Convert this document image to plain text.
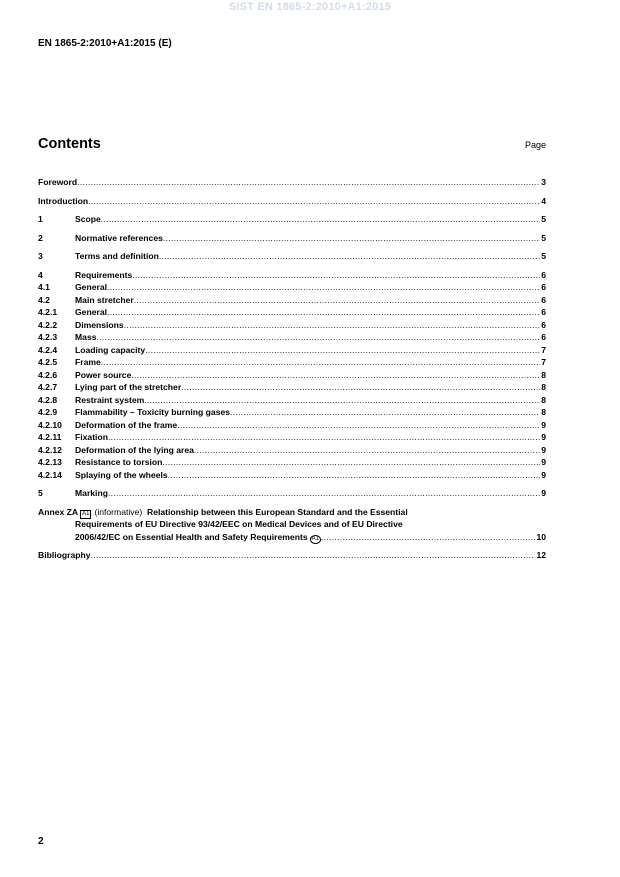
SIST EN 1865-2:2010+A1:2015
EN 1865-2:2010+A1:2015 (E)
Contents	Page
Foreword .....	3
Introduction .....	4
1	Scope .....	5
2	Normative references .....	5
3	Terms and definition .....	5
4	Requirements .....	6
4.1	General .....	6
4.2	Main stretcher .....	6
4.2.1	General .....	6
4.2.2	Dimensions .....	6
4.2.3	Mass .....	6
4.2.4	Loading capacity .....	7
4.2.5	Frame .....	7
4.2.6	Power source .....	8
4.2.7	Lying part of the stretcher .....	8
4.2.8	Restraint system .....	8
4.2.9	Flammability – Toxicity burning gases .....	8
4.2.10	Deformation of the frame .....	9
4.2.11	Fixation .....	9
4.2.12	Deformation of the lying area .....	9
4.2.13	Resistance to torsion .....	9
4.2.14	Splaying of the wheels .....	9
5	Marking .....	9
Annex ZA A1 (informative)
Relationship between this European Standard and the Essential
Requirements of EU Directive 93/42/EEC on Medical Devices and of EU Directive
2006/42/EC on Essential Health and Safety Requirements A1 .....	10
Bibliography .....	12
2
